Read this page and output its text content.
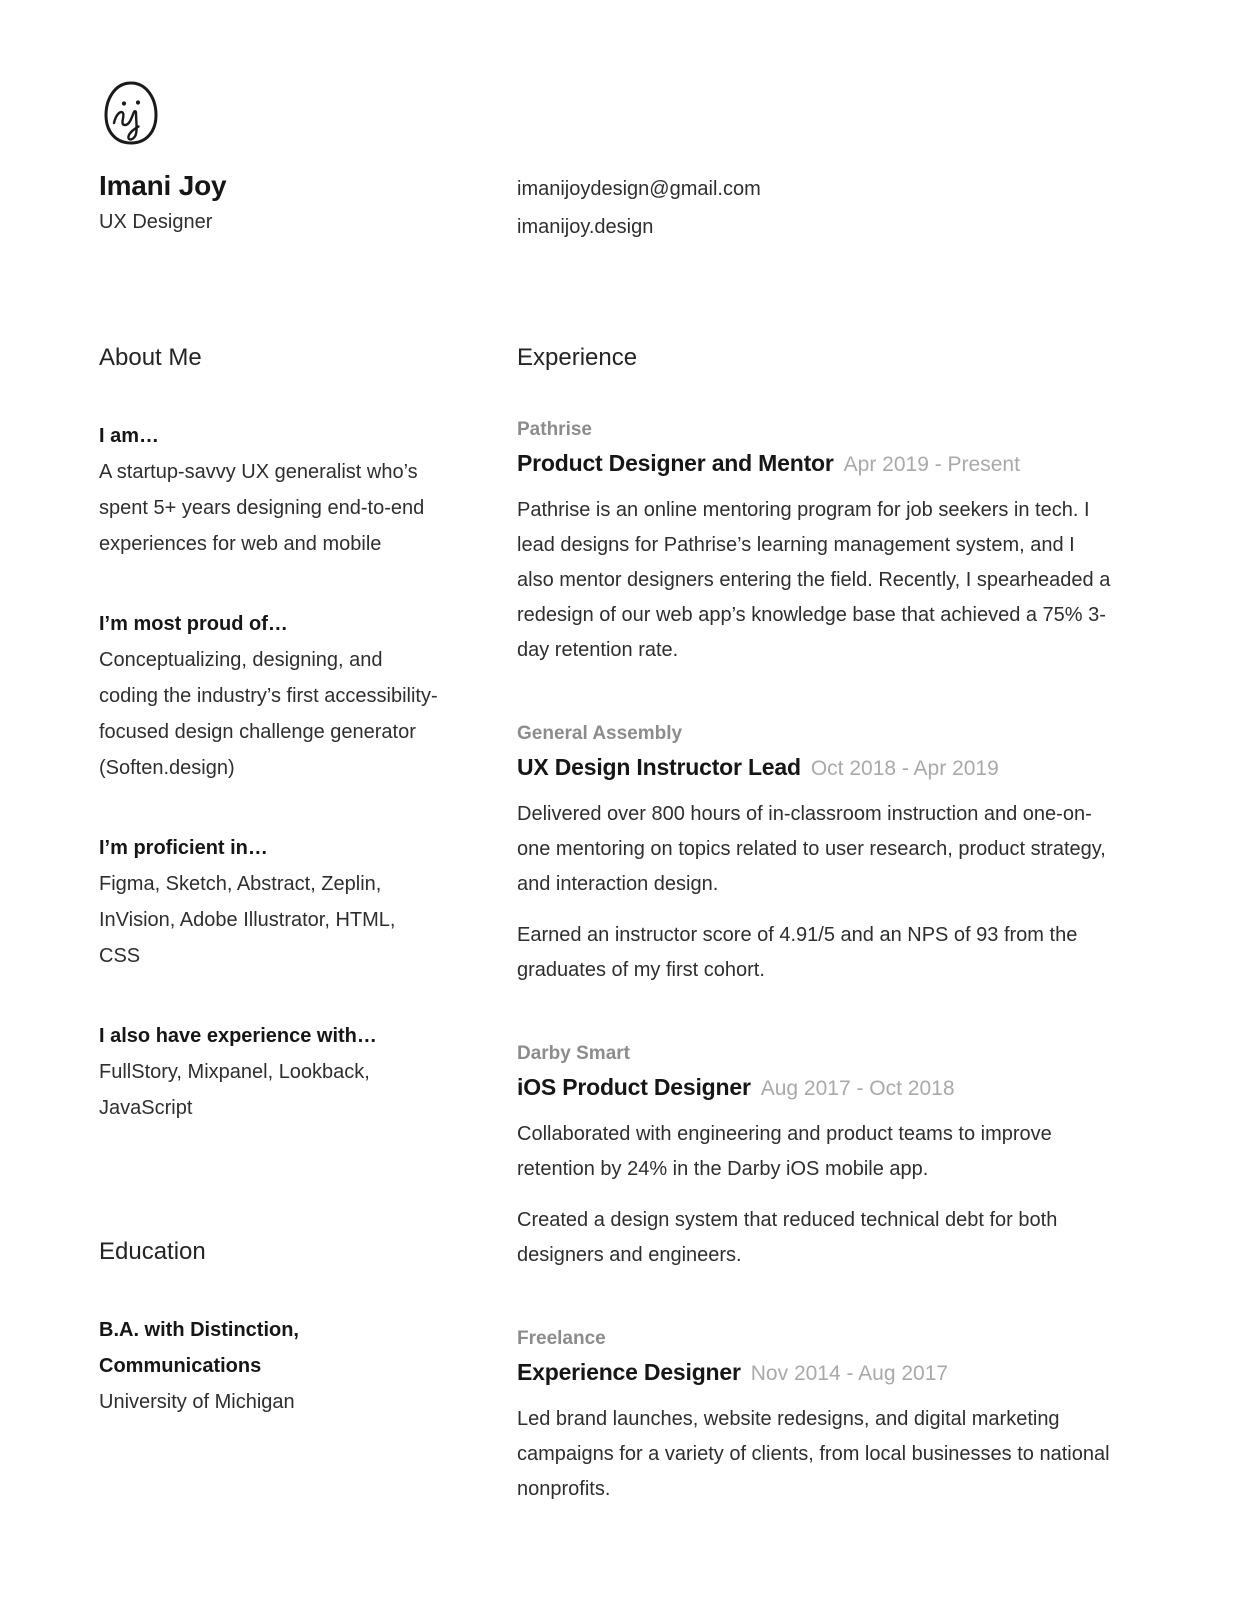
Imani Joy
UX Designer
imanijoydesign@gmail.com
imanijoy.design
About Me
I am…
A startup-savvy UX generalist who’s spent 5+ years designing end-to-end experiences for web and mobile
I’m most proud of…
Conceptualizing, designing, and coding the industry’s first accessibility-focused design challenge generator (Soften.design)
I’m proficient in…
Figma, Sketch, Abstract, Zeplin, InVision, Adobe Illustrator, HTML, CSS
I also have experience with…
FullStory, Mixpanel, Lookback, JavaScript
Education
B.A. with Distinction,
Communications
University of Michigan
Experience
Pathrise
Product Designer and Mentor Apr 2019 - Present

Pathrise is an online mentoring program for job seekers in tech. I lead designs for Pathrise’s learning management system, and I also mentor designers entering the field. Recently, I spearheaded a redesign of our web app’s knowledge base that achieved a 75% 3-day retention rate.

General Assembly
UX Design Instructor Lead Oct 2018 - Apr 2019

Delivered over 800 hours of in-classroom instruction and one-on-one mentoring on topics related to user research, product strategy, and interaction design.

Earned an instructor score of 4.91/5 and an NPS of 93 from the graduates of my first cohort.

Darby Smart
iOS Product Designer Aug 2017 - Oct 2018

Collaborated with engineering and product teams to improve retention by 24% in the Darby iOS mobile app.

Created a design system that reduced technical debt for both designers and engineers.

Freelance
Experience Designer Nov 2014 - Aug 2017

Led brand launches, website redesigns, and digital marketing campaigns for a variety of clients, from local businesses to national nonprofits.
